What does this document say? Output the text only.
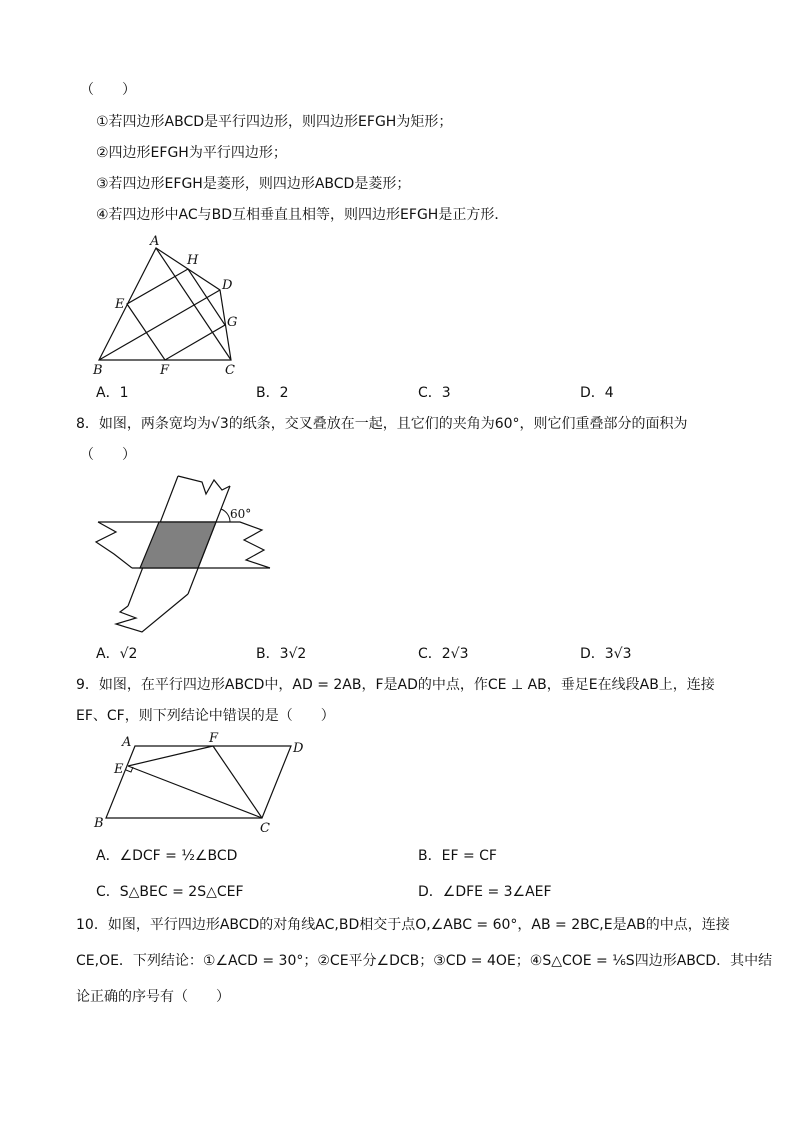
（　　）
①若四边形ABCD是平行四边形，则四边形EFGH为矩形；
②四边形EFGH为平行四边形；
③若四边形EFGH是菱形，则四边形ABCD是菱形；
④若四边形中AC与BD互相垂直且相等，则四边形EFGH是正方形．
A
H
D
E
G
B	F	C
A．1	B．2	C．3	D．4
8．如图，两条宽均为√3的纸条，交叉叠放在一起，且它们的夹角为60°，则它们重叠部分的面积为
（　　）
60°
A．√2	B．3√2	C．2√3	D．3√3
9．如图，在平行四边形ABCD中，AD = 2AB，F是AD的中点，作CE ⊥ AB，垂足E在线段AB上，连接
EF、CF，则下列结论中错误的是（　　）
A	F
D
E
B	C
A．∠DCF = ½∠BCD	B．EF = CF
C．S△BEC = 2S△CEF	D．∠DFE = 3∠AEF
10．如图，平行四边形ABCD的对角线AC,BD相交于点O,∠ABC = 60°，AB = 2BC,E是AB的中点，连接
CE,OE．下列结论：①∠ACD = 30°；②CE平分∠DCB；③CD = 4OE；④S△COE = ⅙S四边形ABCD．其中结
论正确的序号有（　　）
